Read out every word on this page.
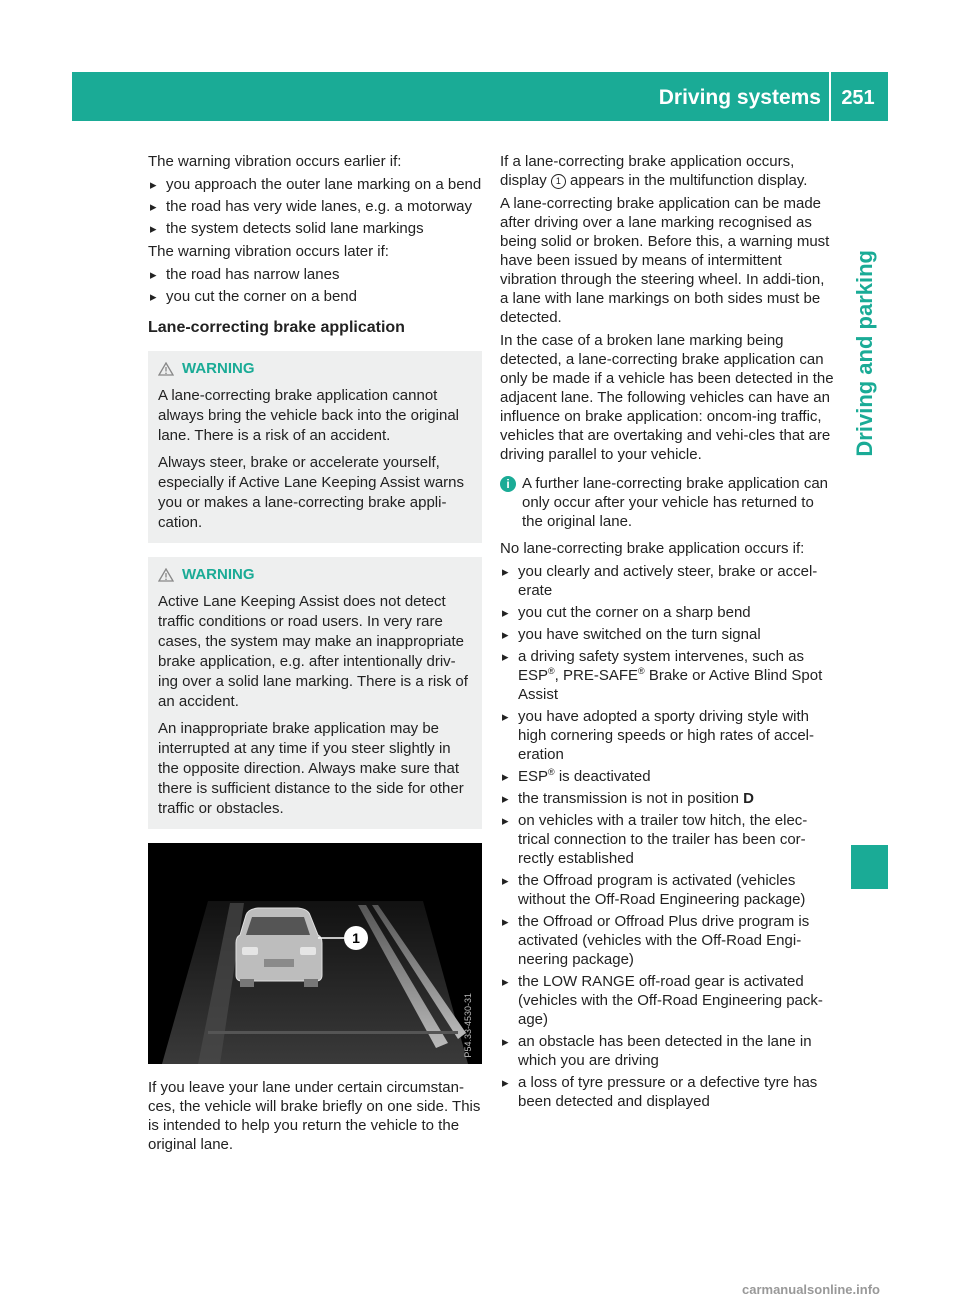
Driving systems	251
Driving and parking

The warning vibration occurs earlier if:

▸ you approach the outer lane marking on a bend
▸ the road has very wide lanes, e.g. a motorway
▸ the system detects solid lane markings

The warning vibration occurs later if:

▸ the road has narrow lanes
▸ you cut the corner on a bend
Lane-correcting brake application
WARNING

A lane-correcting brake application cannot always bring the vehicle back into the original lane. There is a risk of an accident.

Always steer, brake or accelerate yourself, especially if Active Lane Keeping Assist warns you or makes a lane-correcting brake appli-cation.

WARNING

Active Lane Keeping Assist does not detect traffic conditions or road users. In very rare cases, the system may make an inappropriate brake application, e.g. after intentionally driv-ing over a solid lane marking. There is a risk of an accident.

An inappropriate brake application may be interrupted at any time if you steer slightly in the opposite direction. Always make sure that there is sufficient distance to the side for other traffic or obstacles.

1
P54.33-4530-31

If you leave your lane under certain circumstan-ces, the vehicle will brake briefly on one side. This is intended to help you return the vehicle to the original lane.

If a lane-correcting brake application occurs, display 1 appears in the multifunction display.

A lane-correcting brake application can be made after driving over a lane marking recognised as being solid or broken. Before this, a warning must have been issued by means of intermittent vibration through the steering wheel. In addi-tion, a lane with lane markings on both sides must be detected.

In the case of a broken lane marking being detected, a lane-correcting brake application can only be made if a vehicle has been detected in the adjacent lane. The following vehicles can have an influence on brake application: oncom-ing traffic, vehicles that are overtaking and vehi-cles that are driving parallel to your vehicle.

i A further lane-correcting brake application can only occur after your vehicle has returned to the original lane.

No lane-correcting brake application occurs if:

▸ you clearly and actively steer, brake or accel-erate
▸ you cut the corner on a sharp bend
▸ you have switched on the turn signal
▸ a driving safety system intervenes, such as ESP®, PRE-SAFE® Brake or Active Blind Spot Assist
▸ you have adopted a sporty driving style with high cornering speeds or high rates of accel-eration
▸ ESP® is deactivated
▸ the transmission is not in position D
▸ on vehicles with a trailer tow hitch, the elec-trical connection to the trailer has been cor-rectly established
▸ the Offroad program is activated (vehicles without the Off-Road Engineering package)
▸ the Offroad or Offroad Plus drive program is activated (vehicles with the Off-Road Engi-neering package)
▸ the LOW RANGE off-road gear is activated (vehicles with the Off-Road Engineering pack-age)
▸ an obstacle has been detected in the lane in which you are driving
▸ a loss of tyre pressure or a defective tyre has been detected and displayed
carmanualsonline.info
